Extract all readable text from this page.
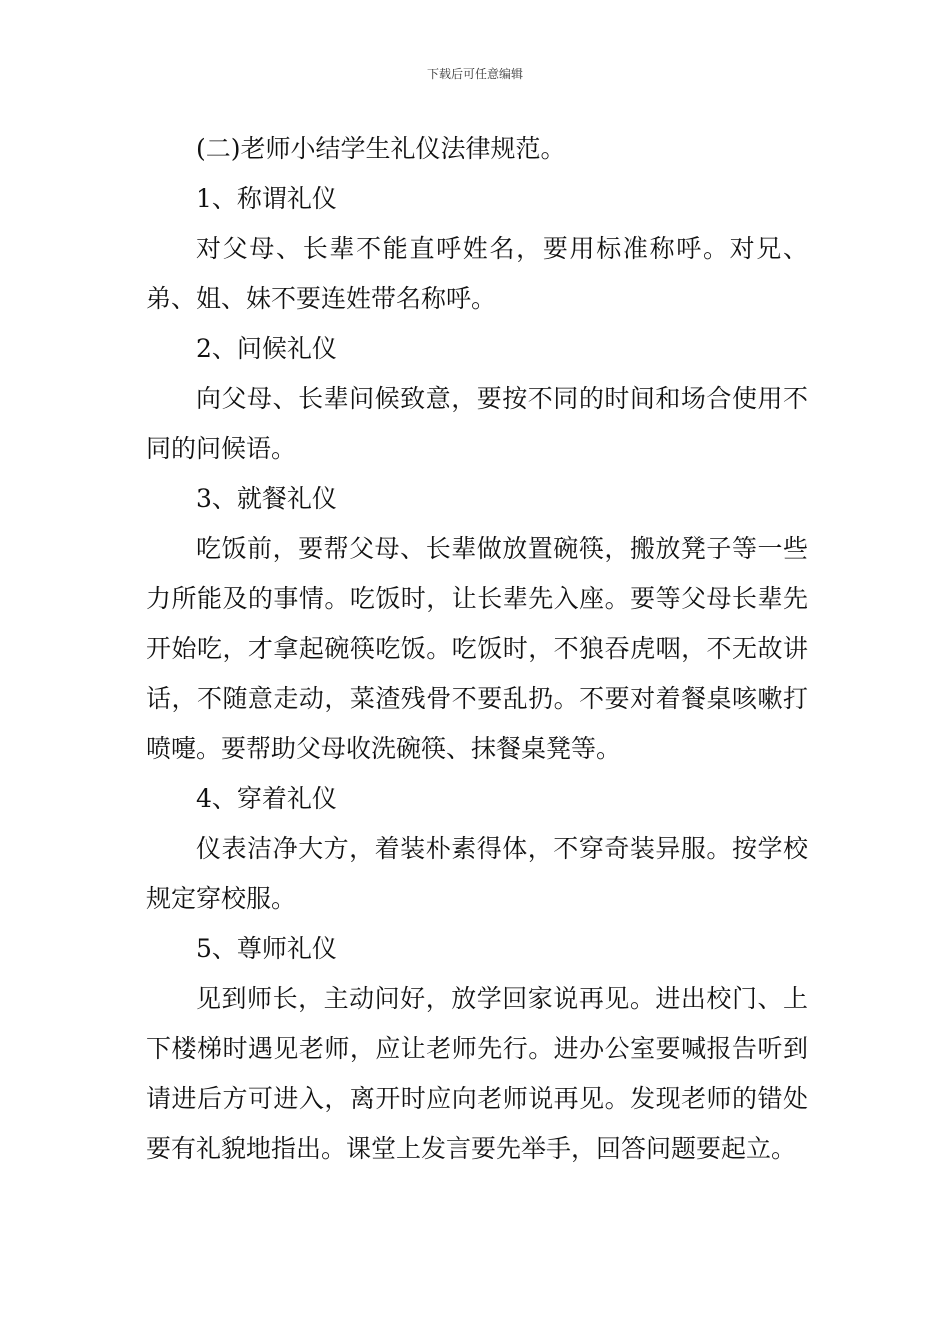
下载后可任意编辑

(二)老师小结学生礼仪法律规范。

1、称谓礼仪

对父母、长辈不能直呼姓名，要用标准称呼。对兄、弟、姐、妹不要连姓带名称呼。

2、问候礼仪

向父母、长辈问候致意，要按不同的时间和场合使用不同的问候语。

3、就餐礼仪

吃饭前，要帮父母、长辈做放置碗筷，搬放凳子等一些力所能及的事情。吃饭时，让长辈先入座。要等父母长辈先开始吃，才拿起碗筷吃饭。吃饭时，不狼吞虎咽，不无故讲话，不随意走动，菜渣残骨不要乱扔。不要对着餐桌咳嗽打喷嚏。要帮助父母收洗碗筷、抹餐桌凳等。

4、穿着礼仪

仪表洁净大方，着装朴素得体，不穿奇装异服。按学校规定穿校服。

5、尊师礼仪

见到师长，主动问好，放学回家说再见。进出校门、上下楼梯时遇见老师，应让老师先行。进办公室要喊报告听到请进后方可进入，离开时应向老师说再见。发现老师的错处要有礼貌地指出。课堂上发言要先举手，回答问题要起立。
